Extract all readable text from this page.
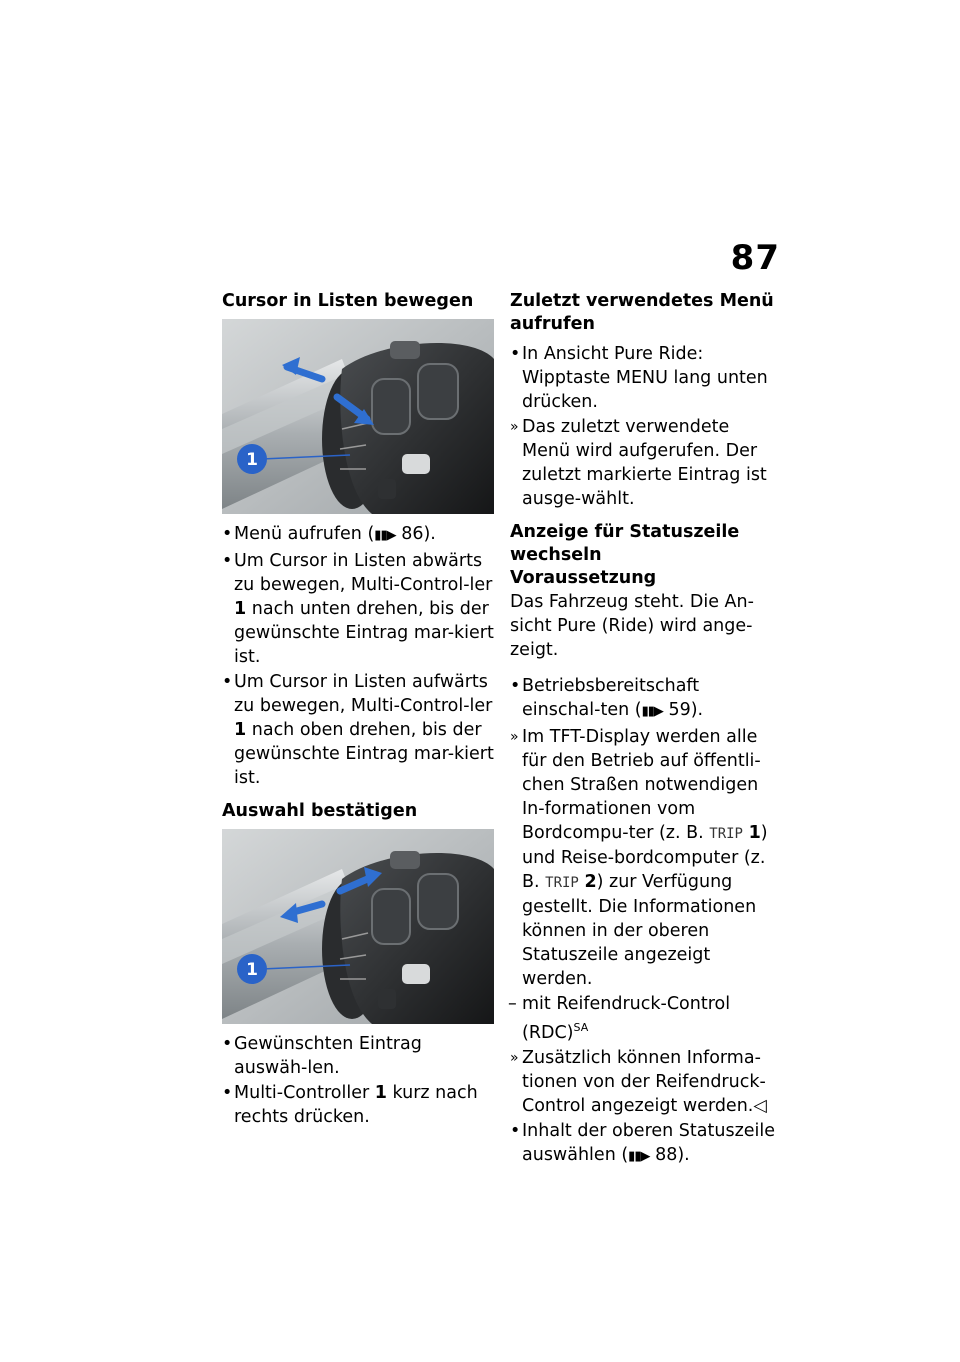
87
Cursor in Listen bewegen
1
•
Menü aufrufen (▮▮▶ 86).
•
Um Cursor in Listen abwärts zu bewegen, Multi-Control-ler 1 nach unten drehen, bis der gewünschte Eintrag mar-kiert ist.
•
Um Cursor in Listen aufwärts zu bewegen, Multi-Control-ler 1 nach oben drehen, bis der gewünschte Eintrag mar-kiert ist.
Auswahl bestätigen
1
•
Gewünschten Eintrag auswäh-len.
•
Multi-Controller 1 kurz nach rechts drücken.
Zuletzt verwendetes Menü aufrufen
•
In Ansicht Pure Ride: Wipptaste MENU lang unten drücken.
» Das zuletzt verwendete Menü wird aufgerufen. Der zuletzt markierte Eintrag ist ausge-wählt.
Anzeige für Statuszeile wechseln

Voraussetzung

Das Fahrzeug steht. Die An-sicht Pure (Ride) wird ange-zeigt.

•
Betriebsbereitschaft einschal-ten (▮▮▶ 59).
» Im TFT-Display werden alle für den Betrieb auf öffentli-chen Straßen notwendigen In-formationen vom Bordcompu-ter (z. B. TRIP 1) und Reise-bordcomputer (z. B. TRIP 2) zur Verfügung gestellt. Die Informationen können in der oberen Statuszeile angezeigt werden.
– mit Reifendruck-Control (RDC)$^{SA}$
» Zusätzlich können Informa-tionen von der Reifendruck-Control angezeigt werden.◁
•
Inhalt der oberen Statuszeile auswählen (▮▮▶ 88).
